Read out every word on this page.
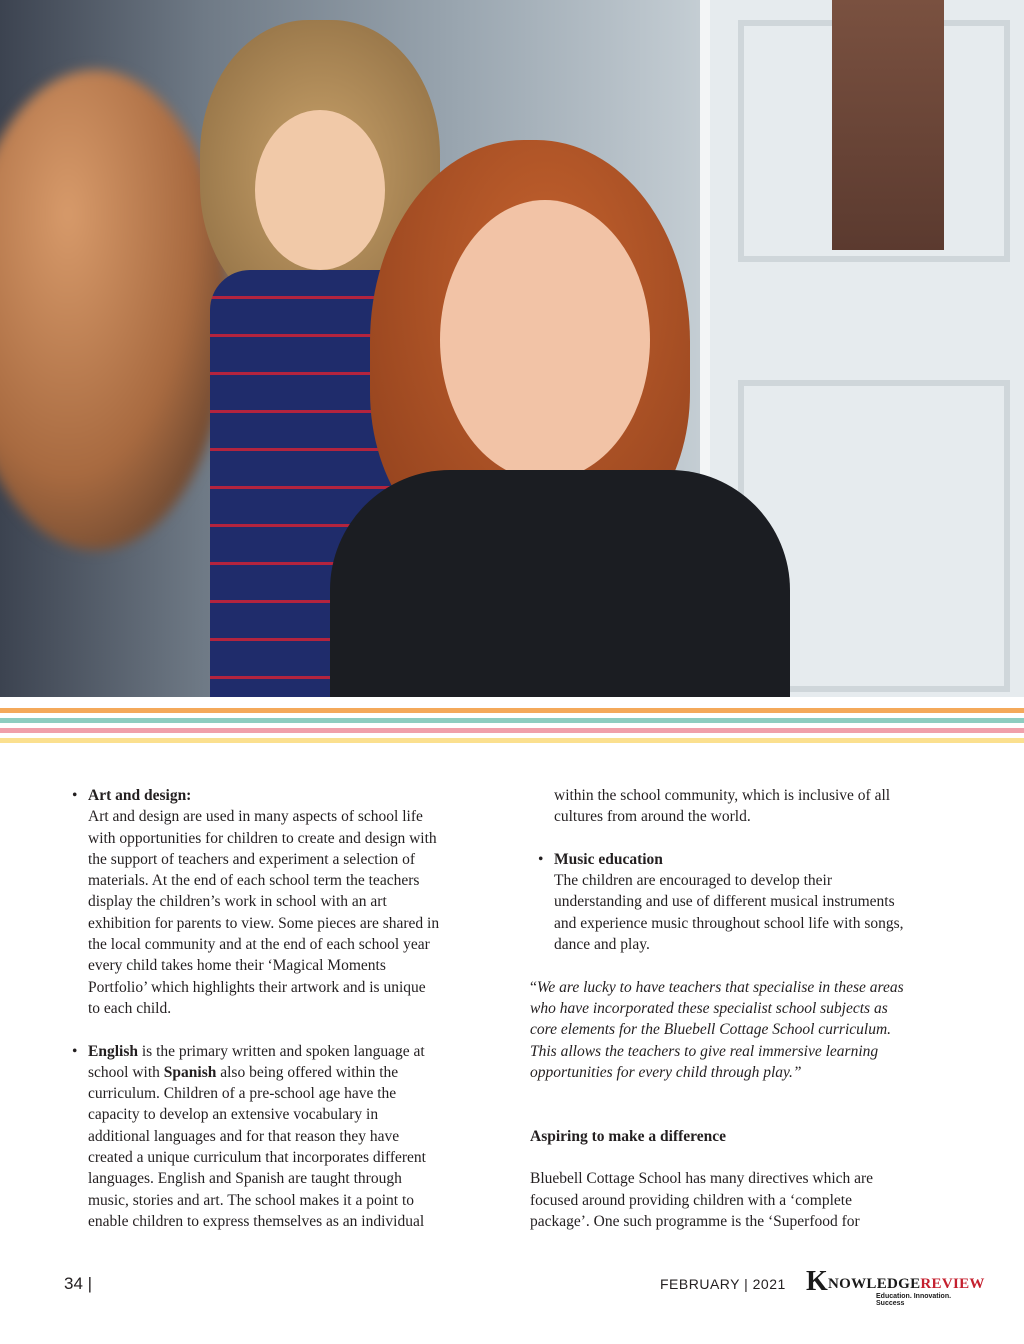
• Art and design:

Art and design are used in many aspects of school life

with opportunities for children to create and design with

the support of teachers and experiment a selection of

materials. At the end of each school term the teachers

display the children’s work in school with an art

exhibition for parents to view. Some pieces are shared in

the local community and at the end of each school year

every child takes home their ‘Magical Moments

Portfolio’ which highlights their artwork and is unique

to each child.

• English is the primary written and spoken language at

school with Spanish also being offered within the

curriculum. Children of a pre-school age have the

capacity to develop an extensive vocabulary in

additional languages and for that reason they have

created a unique curriculum that incorporates different

languages. English and Spanish are taught through

music, stories and art. The school makes it a point to

enable children to express themselves as an individual

within the school community, which is inclusive of all

cultures from around the world.

• Music education

The children are encouraged to develop their

understanding and use of different musical instruments

and experience music throughout school life with songs,

dance and play.

“We are lucky to have teachers that specialise in these areas

who have incorporated these specialist school subjects as

core elements for the Bluebell Cottage School curriculum.

This allows the teachers to give real immersive learning

opportunities for every child through play.”

Aspiring to make a difference

Bluebell Cottage School has many directives which are

focused around providing children with a ‘complete

package’. One such programme is the ‘Superfood for

34 |	FEBRUARY | 2021 K NOWLEDGEREVIEW
Education. Innovation. Success
